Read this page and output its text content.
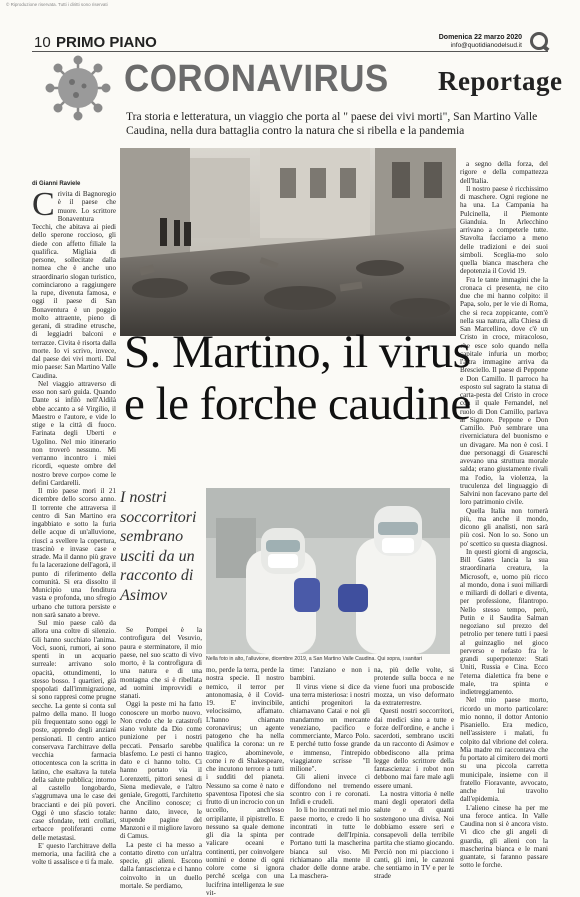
© Riproduzione riservata. Tutti i diritti sono riservati
10 PRIMO PIANO	Domenica 22 marzo 2020
info@quotidianodelsud.it
CORONAVIRUS Reportage
Tra storia e letteratura, un viaggio che porta al " paese dei vivi morti", San Martino Valle Caudina, nella dura battaglia contro la natura che si ribella e la pandemia
di Gianni Raviele

Crivita di Bagnoregio è il paese che muore. Lo scrittore Bonaventura Tecchi, che abitava ai piedi dello sperone roccioso, gli diede con affetto filiale la qualifica. Migliaia di persone, sollecitate dalla nomea che è anche uno straordinario slogan turistico, cominciarono a raggiungere la rupe, divenuta famosa, e oggi il paese di San Bonaventura è un poggio molto attraente, pieno di gerani, di stradine etrusche, di leggiadri balconi e terrazze. Civita è risorta dalla morte. Io vi scrivo, invece, dal paese dei vivi morti. Dal mio paese: San Martino Valle Caudina.

Nel viaggio attraverso di esso non sarò guida. Quando Dante si infilò nell'Aldilà ebbe accanto a sé Virgilio, il Maestro e l'autore, e vide lo stige e la città di fuoco. Farinata degli Uberti e Ugolino. Nel mio itinerario non troverò nessuno. Mi verranno incontro i miei ricordi, «queste ombre del nostro breve corpo» come le definì Cardarelli.

Il mio paese morì il 21 dicembre dello scorso anno. Il torrente che attraversa il centro di San Martino era ingabbiato e sotto la furia delle acque di un'alluvione, riuscì a svellere la copertura, trascinò e invase case e strade. Ma il danno più grave fu la lacerazione dell'agorà, il punto di riferimento della comunità. Si era dissolto il Municipio una fenditura vasta e profonda, uno sfregio urbano che tuttora persiste e non sarà sanato a breve.

Sul mio paese calò da allora una coltre di silenzio. Gli hanno succhiato l'anima. Voci, suoni, rumori, ai sono spenti in un acquario surreale: arrivano solo opacità, ottundimenti, lo stesso bosso. I quartieri, già spopolati dall'immigrazione, si sono rappresi come prugne secche. La gente si conta sul palmo della mano. Il luogo più frequentato sono oggi le poste, appredo degli anziani pensionati. Il centro antico conservava l'architrave della vecchia farmacia ottocentesca con la scritta in latino, che esaltava la tutela della salute pubblica; intorno al castello longobardo, s'aggrumava una le case dei braccianti e dei più poveri. Oggi è uno sfascio totale: case sfondate, tetti crollati, erbacce proliferanti come delle metastasi.

E' questo l'architrave della memoria, una facilità che a volte ti assalisce e ti fa male.

S. Martino, il virus
e le forche caudine

a segno della forza, del rigore e della compattezza dell'Italia.

Il nostro paese è ricchissimo di maschere. Ogni regione ne ha una. La Campania ha Pulcinella, il Piemonte Gianduia. In Arlecchino arrivano a competerle tutte. Stavolta facciamo a meno delle tradizioni e dei suoi simboli. Sceglia-mo solo quella bianca maschera che depotenzia il Covid 19.

Fra le tante immagini che la cronaca ci presenta, ne cito due che mi hanno colpito: il Papa, solo, per le vie di Roma, che si reca zoppicante, com'è nella sua natura, alla Chiesa di San Marcellino, dove c'è un Cristo in croce, miracoloso, che esce solo quando nella capitale infuria un morbo; l'altra immagine arriva da Bresciello. Il paese di Peppone e Don Camillo. Il parroco ha esposto sul sagrato la statua di carta-pesta del Cristo in croce con il quale Fernandel, nel ruolo di Don Camillo, parlava al Signore. Peppone e Don Camillo. Può sembrare una riverniciatura del buonismo e un divagare. Ma non è così. I due personaggi di Guareschi avevano una struttura morale salda; erano giustamente rivali ma l'odio, la violenza, la truculenza del linguaggio di Salvini non facevano parte del loro patrimonio civile.

Quella Italia non tornerà più, ma anche il mondo, dicono gli analisti, non sarà più così. Non lo so. Sono un po' scettico su questa diagnosi.

In questi giorni di angoscia, Bill Gates lancia la sua straordinaria creatura, la Microsoft, e, uomo più ricco al mondo, dona i suoi miliardi e miliardi di dollari e diventa, per professione, filantropo. Nello stesso tempo, però, Putin e il Saudita Salman negoziano sul prezzo del petrolio per tenere tutti i paesi al guinzaglio nel gioco perverso e nefasto fra le grandi superpotenze: Stati Uniti, Russia e Cina. Ecco l'eterna dialettica fra bene e male, tra spinta e indietreggiamento.

Nel mio paese morto, ricordo un morto particolare: mio nonno, il dottor Antonio Pisaniello. Era medico, nell'assistere i malati, fu colpito dal vibrione del colera. Mia madre mi raccontava che fu portato al cimitero dei morti su una piccola carretta municipale, insieme con il fratello Fioravante, avvocato, anche lui travolto dall'epidemia.

L'alieno cinese ha per me una feroce antica. In Valle Caudina non si è ancora visto. Vi dico che gli angeli di guardia, gli alieni con la mascherina bianca e le mani guantate, si faranno passare sotto le forche.

I nostri soccorritori sembrano usciti da un racconto di Asimov
Nella foto in alto, l'alluvione, dicembre 2019, a San Martino Valle Caudina. Qui sopra, i sanitari

Se Pompei è la controfigura del Vesuvio, paura e sterminatore, il mio paese, nel suo scatto di vivo morto, è la controfigura di una natura e di una montagna che si è ribellata ad uomini improvvidi e stanati.

Oggi la peste mi ha fatto conoscere un morbo nuovo. Non credo che le catastrofi siano volute da Dio come punizione per i nostri peccati. Pensarlo sarebbe blasfemo. Le pesti ci hanno dato e ci hanno tolto. Ci hanno portato via il Lorenzetti, pittori senesi di Siena medievale, e l'altro geniale, Gregotti, l'architetto che Ancilino conosce; ci hanno dato, invece, le stupende pagine del Manzoni e il migliore lavoro di Camus.

La peste ci ha messo a contatto diretto con un'altra specie, gli alieni. Escono dalla fantascienza e ci hanno coinvolto in un duello mortale. Se perdiamo,

mo, perde la terra, perde la nostra specie. Il nostro nemico, il terror per antonomasia, è il Covid-19. E' invincibile, velocissimo, affamato. L'hanno chiamato coronavirus; un agente patogeno che ha nella qualifica la corona: un re tragico, abominevole, come i re di Shakespeare, che incutono terrore a tutti i sudditi del pianeta. Nessuno sa come è nato e spaventosa l'ipotesi che sia frutto di un incrocio con un uccello, anch'esso orripilante, il pipistrello. E nessuno sa quale demone gli dia la spinta per valicare oceani e continenti, per coinvolgere uomini e donne di ogni colore come si ignora perché scelga con una lucifrina intelligenza le sue vit-

time: l'anziano e non i bambini.

Il virus viene si dice da una terra misteriosa: i nostri antichi progenitori la chiamavano Catai e noi gli mandammo un mercante veneziano, pacifico e commerciante, Marco Polo. E perché tutto fosse grande e immenso, l'intrepido viaggiatore scrisse "Il milione".

Gli alieni invece ci diffondono nel tremendo scontro con i re coronati. Infidi e crudeli.

Io li ho incontrati nel mio paese morto, e credo li ho incontrati in tutte le contrade dell'Irpinia. Portano tutti la mascherina bianca sul viso. Mi richiamano alla mente il chador delle donne arabe. La maschera-

na, più delle volte, si protende sulla bocca e ne viene fuori una proboscide mozza, un viso deformato da extraterrestre.

Questi nostri soccorritori, dai medici sino a tutte e forze dell'ordine, e anche i sacerdoti, sembrano usciti da un racconto di Asimov e obbediscono alla prima legge dello scrittore della fantascienza: i robot non debbono mai fare male agli essere umani.

La nostra vittoria è nelle mani degli operatori della salute e di quanti sostengono una divisa. Noi dobbiamo essere seri e consapevoli della terribile partita che stiamo giocando. Perciò non mi piacciono i canti, gli inni, le canzoni che sentiamo in TV e per le strade
